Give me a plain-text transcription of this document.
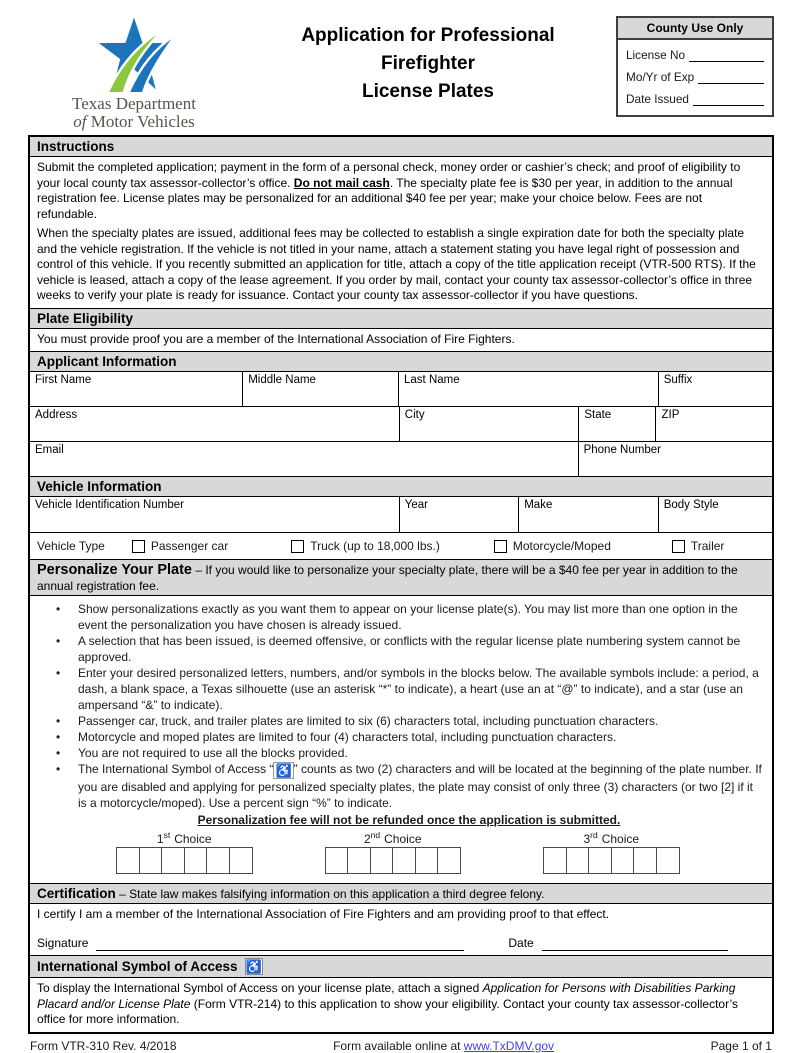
Texas Department
of Motor Vehicles
Application for Professional
Firefighter
License Plates
County Use Only
License No
Mo/Yr of Exp
Date Issued
Instructions

Submit the completed application; payment in the form of a personal check, money order or cashier’s check; and proof of eligibility to your local county tax assessor-collector’s office. Do not mail cash. The specialty plate fee is $30 per year, in addition to the annual registration fee. License plates may be personalized for an additional $40 fee per year; make your choice below. Fees are not refundable.

When the specialty plates are issued, additional fees may be collected to establish a single expiration date for both the specialty plate and the vehicle registration. If the vehicle is not titled in your name, attach a statement stating you have legal right of possession and control of this vehicle. If you recently submitted an application for title, attach a copy of the title application receipt (VTR-500 RTS). If the vehicle is leased, attach a copy of the lease agreement. If you order by mail, contact your county tax assessor-collector’s office in three weeks to verify your plate is ready for issuance. Contact your county tax assessor-collector if you have questions.

Plate Eligibility
You must provide proof you are a member of the International Association of Fire Fighters.
Applicant Information
First Name	Middle Name	Last Name	Suffix
Address	City	State	ZIP
Email	Phone Number
Vehicle Information
Vehicle Identification Number	Year	Make	Body Style
Vehicle Type	Passenger car	Truck (up to 18,000 lbs.)	Motorcycle/Moped	Trailer
Personalize Your Plate – If you would like to personalize your specialty plate, there will be a $40 fee per year in addition to the annual registration fee.
•	Show personalizations exactly as you want them to appear on your license plate(s). You may list more than one option in the event the personalization you have chosen is already issued.
•	A selection that has been issued, is deemed offensive, or conflicts with the regular license plate numbering system cannot be approved.
•	Enter your desired personalized letters, numbers, and/or symbols in the blocks below. The available symbols include: a period, a dash, a blank space, a Texas silhouette (use an asterisk “*” to indicate), a heart (use an at “@” to indicate), and a star (use an ampersand “&” to indicate).
•	Passenger car, truck, and trailer plates are limited to six (6) characters total, including punctuation characters.
•	Motorcycle and moped plates are limited to four (4) characters total, including punctuation characters.
•	You are not required to use all the blocks provided.
•	The International Symbol of Access “ ♿ ” counts as two (2) characters and will be located at the beginning of the plate number. If you are disabled and applying for personalized specialty plates, the plate may consist of only three (3) characters (or two [2] if it is a motorcycle/moped). Use a percent sign “%” to indicate.
Personalization fee will not be refunded once the application is submitted.
1st Choice	2nd Choice	3rd Choice
Certification – State law makes falsifying information on this application a third degree felony.

I certify I am a member of the International Association of Fire Fighters and am providing proof to that effect.

Signature	Date
International Symbol of Access ♿
To display the International Symbol of Access on your license plate, attach a signed Application for Persons with Disabilities Parking Placard and/or License Plate (Form VTR-214) to this application to show your eligibility. Contact your county tax assessor-collector’s office for more information.
Form VTR-310 Rev. 4/2018	Form available online at www.TxDMV.gov	Page 1 of 1
